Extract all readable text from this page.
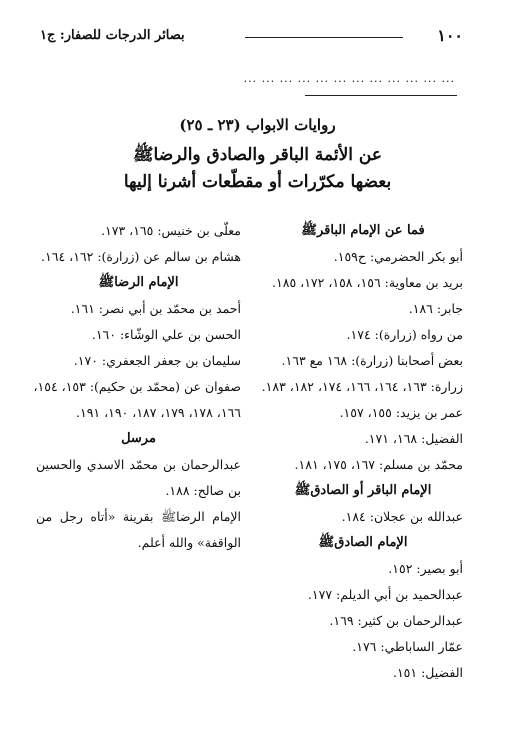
١٠٠
بصائر الدرجات للصفار: ج١
... ... ... ... ... ... ... ... ... ... ... ...
روايات الابواب (٢٣ ـ ٢٥)
عن الأئمة الباقر والصادق والرضاﷺ
بعضها مكرّرات أو مقطّعات أشرنا إليها
فما عن الإمام الباقرﷺ
أبو بكر الحضرمي: ح١٥٩.
بريد بن معاوية: ١٥٦، ١٥٨، ١٧٢، ١٨٥.
جابر: ١٨٦.
من رواه (زرارة): ١٧٤.
بعض أصحابنا (زرارة): ١٦٨ مع ١٦٣.
زرارة: ١٦٣، ١٦٤، ١٦٦، ١٧٤، ١٨٢، ١٨٣.
عمر بن يزيد: ١٥٥، ١٥٧.
الفضيل: ١٦٨، ١٧١.
محمّد بن مسلم: ١٦٧، ١٧٥، ١٨١.
الإمام الباقر أو الصادقﷺ
عبدالله بن عجلان: ١٨٤.
الإمام الصادقﷺ
أبو بصير: ١٥٢.
عبدالحميد بن أبي الديلم: ١٧٧.
عبدالرحمان بن كثير: ١٦٩.
عمّار الساباطي: ١٧٦.
الفضيل: ١٥١.
معلّى بن خنيس: ١٦٥، ١٧٣.
هشام بن سالم عن (زرارة): ١٦٢، ١٦٤.
الإمام الرضاﷺ
أحمد بن محمّد بن أبي نصر: ١٦١.
الحسن بن علي الوشّاء: ١٦٠.
سليمان بن جعفر الجعفري: ١٧٠.
صفوان عن (محمّد بن حكيم): ١٥٣، ١٥٤،
١٦٦، ١٧٨، ١٧٩، ١٨٧، ١٩٠، ١٩١.
مرسل
عبدالرحمان بن محمّد الاسدي والحسين بن صالح: ١٨٨.
الإمام الرضاﷺ بقرينة «أتاه رجل من الواقفة» والله أعلم.
